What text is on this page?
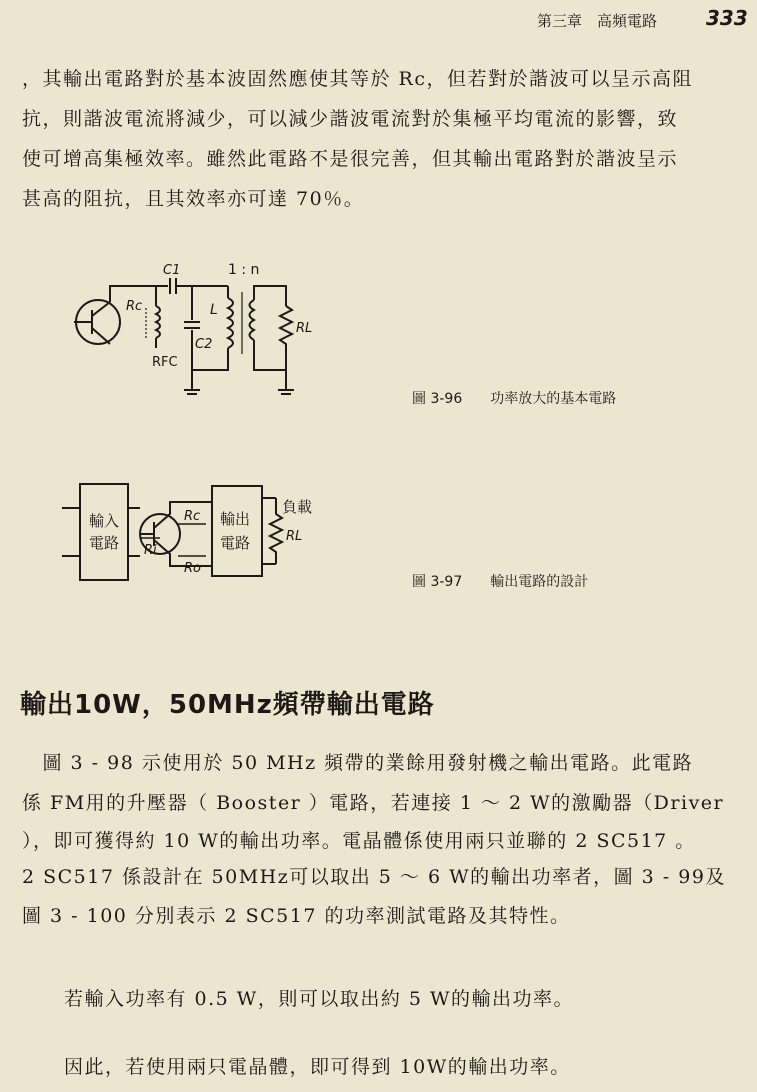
第三章　高頻電路 333
，其輸出電路對於基本波固然應使其等於 Rc，但若對於諧波可以呈示高阻
抗，則諧波電流將減少，可以減少諧波電流對於集極平均電流的影響，致
使可增高集極效率。雖然此電路不是很完善，但其輸出電路對於諧波呈示
甚高的阻抗，且其效率亦可達 70％。
C1	1 : n
Rc	L
C2
RFC
RL
圖 3-96　　功率放大的基本電路
輸入
電路
輸出
電路
負載
RL
Rc
Ri
Ro
圖 3-97　　輸出電路的設計
輸出10W，50MHz頻帶輸出電路
　圖 3 - 98 示使用於 50 MHz 頻帶的業餘用發射機之輸出電路。此電路
係 FM用的升壓器（ Booster ）電路，若連接 1 ～ 2 W的激勵器（Driver
），即可獲得約 10 W的輸出功率。電晶體係使用兩只並聯的 2 SC517 。
2 SC517 係設計在 50MHz可以取出 5 ～ 6 W的輸出功率者，圖 3 - 99及
圖 3 - 100 分別表示 2 SC517 的功率測試電路及其特性。
若輸入功率有 0.5 W，則可以取出約 5 W的輸出功率。
因此，若使用兩只電晶體，即可得到 10W的輸出功率。
